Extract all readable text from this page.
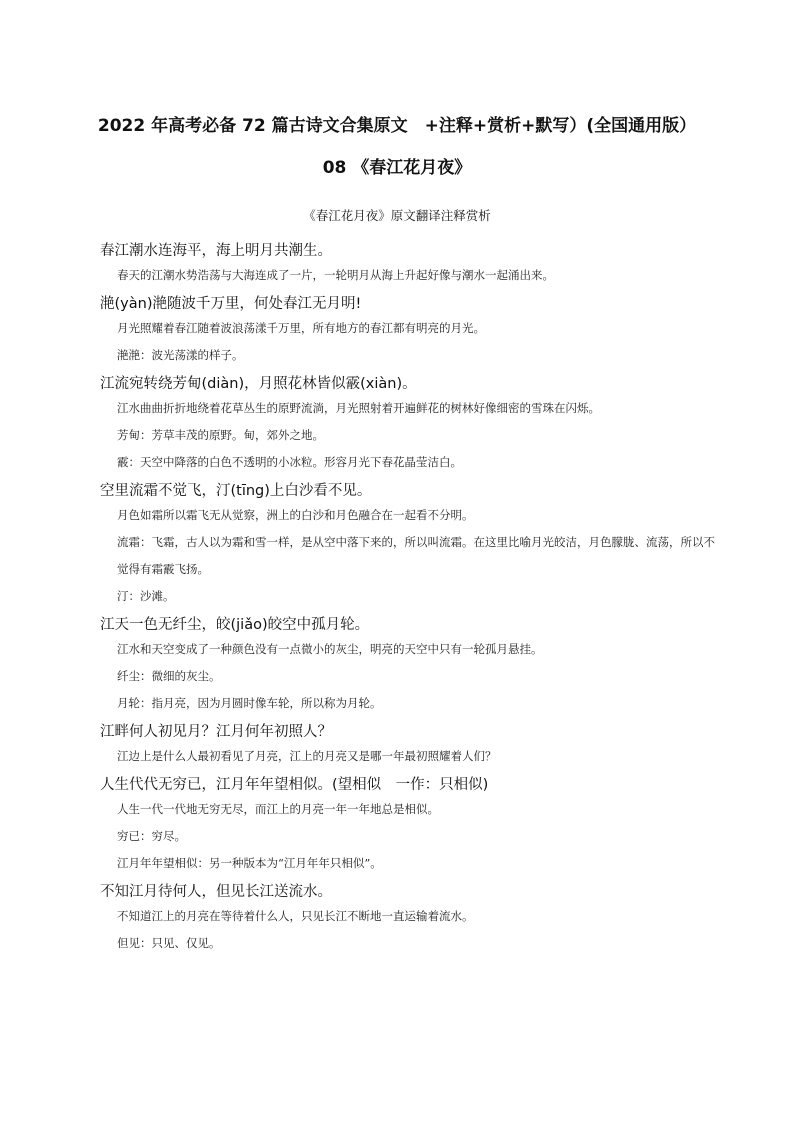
2022 年高考必备 72 篇古诗文合集原文　+注释+赏析+默写）(全国通用版）
08 《春江花月夜》
《春江花月夜》原文翻译注释赏析
春江潮水连海平，海上明月共潮生。
春天的江潮水势浩荡与大海连成了一片，一轮明月从海上升起好像与潮水一起涌出来。
滟(yàn)滟随波千万里，何处春江无月明!
月光照耀着春江随着波浪荡漾千万里，所有地方的春江都有明亮的月光。
滟滟：波光荡漾的样子。
江流宛转绕芳甸(diàn)，月照花林皆似霰(xiàn)。
江水曲曲折折地绕着花草丛生的原野流淌，月光照射着开遍鲜花的树林好像细密的雪珠在闪烁。
芳甸：芳草丰茂的原野。甸，郊外之地。
霰：天空中降落的白色不透明的小冰粒。形容月光下春花晶莹洁白。
空里流霜不觉飞，汀(tīng)上白沙看不见。
月色如霜所以霜飞无从觉察，洲上的白沙和月色融合在一起看不分明。
流霜：飞霜，古人以为霜和雪一样，是从空中落下来的，所以叫流霜。在这里比喻月光皎洁，月色朦胧、流荡，所以不觉得有霜霰飞扬。
汀：沙滩。
江天一色无纤尘，皎(jiǎo)皎空中孤月轮。
江水和天空变成了一种颜色没有一点微小的灰尘，明亮的天空中只有一轮孤月悬挂。
纤尘：微细的灰尘。
月轮：指月亮，因为月圆时像车轮，所以称为月轮。
江畔何人初见月？江月何年初照人？
江边上是什么人最初看见了月亮，江上的月亮又是哪一年最初照耀着人们？
人生代代无穷已，江月年年望相似。(望相似　一作：只相似)
人生一代一代地无穷无尽，而江上的月亮一年一年地总是相似。
穷已：穷尽。
江月年年望相似：另一种版本为“江月年年只相似”。
不知江月待何人，但见长江送流水。
不知道江上的月亮在等待着什么人，只见长江不断地一直运输着流水。
但见：只见、仅见。
